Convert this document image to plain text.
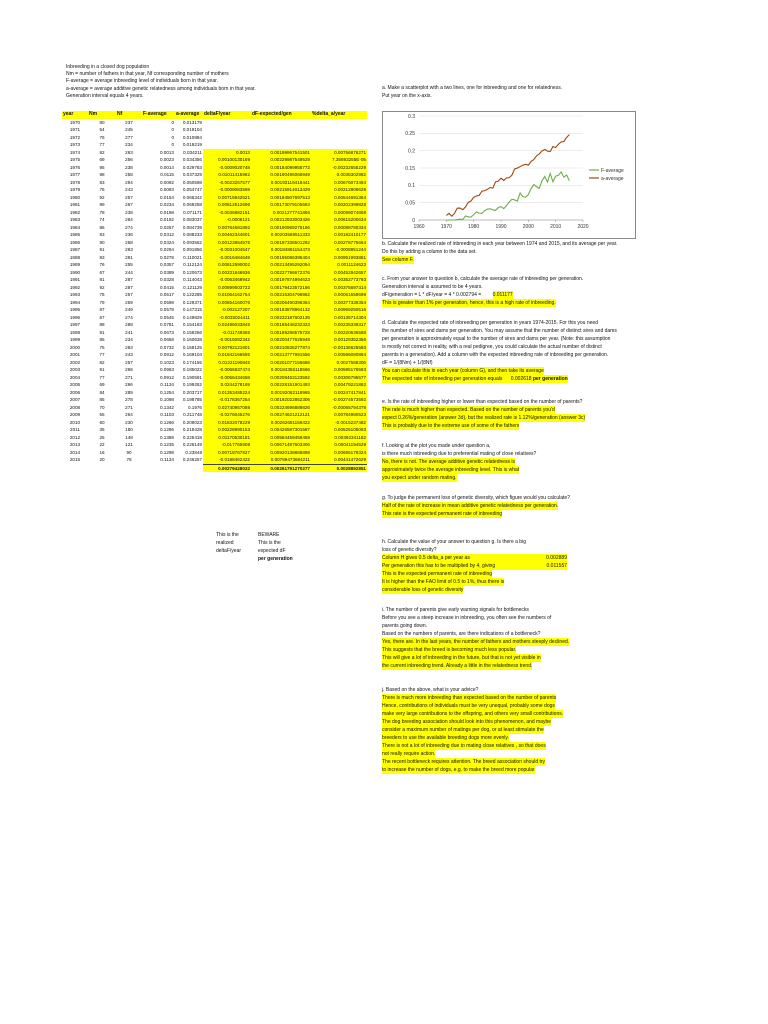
Inbreeding in a closed dog population
Nm = number of fathers in that year, Nf corresponding number of mothers
F-average = average inbreeding level of individuals born in that year.
a-average = average additive genetic relatedness among individuals born in that year.
Generation interval equals 4 years.
year	Nm	Nf	F-average	a-average	deltaF/year	dF-expected/gen	%delta_a/year
1970	80	237	0	0.013179			
1971	54	245	0	0.019104			
1972	76	277	0	0.010884			
1973	77	234	0	0.019219			
1974	82	263	0.0013	0.034211	0.0013	0.00199967541501	0.00756876271
1975	69	256	0.0023	0.034356	0.00100130169	0.00229987549529	7.35693255E-05
1976	95	238	0.0014	0.029783	-0.0009020748	0.00184099955772	-0.00232655229
1977	88	258	0.0115	0.037329	0.01011415982	0.00190495066949	0.0038302982
1978	83	294	0.0092	0.050598	-0.0023267577	0.00193119416441	0.00676073494
1979	76	243	0.0083	0.054747	-0.0009083569	0.00215914013429	0.00212809628
1980	92	257	0.0154	0.065342	0.00715942521	0.00184507697513	0.00544691364
1981	99	267	0.0234	0.069258	0.00812512696	0.00173079105663	0.00202399828
1982	78	238	0.0198	0.071171	-0.0036882151	0.0021277741866	0.00099074868
1983	74	284	0.0192	0.083037	-0.0006121	0.00212933003426	0.00615200634
1984	86	274	0.0267	0.084739	0.00764681892	0.00190969275166	0.00088780334
1985	83	236	0.0312	0.088233	0.00462344601	0.00203568511333	0.00182410177
1986	90	258	0.0324	0.093562	0.00123864575	0.00187338501292	0.00278775664
1987	91	263	0.0294	0.091856	-0.0031004547	0.00184891154473	-0.0008951244
1988	83	281	0.0278	0.110021	-0.0016484649	0.00195086395404	0.00951993861
1989	76	255	0.0357	0.112124	0.00812590002	0.00213495292054	0.0011124623
1990	67	244	0.0389	0.120673	0.00331846936	0.00237796672376	0.00452842657
1991	81	287	0.0328	0.114043	-0.0063468942	0.00197874994623	-0.00352773793
1992	92	287	0.0415	0.121129	0.00899503722	0.00179423572186	0.00375697314
1993	75	257	0.0517	0.122285	0.01064162754	0.00215304798962	0.00061559699
1994	79	259	0.0598	0.129371	0.00854160076	0.00206490396364	0.00377339354
1995	87	249	0.0578	0.147315	-0.002127207	0.00193878964132	0.00959250516
1996	67	274	0.0545	0.149829	-0.0035024411	0.00232187602135	0.00135714304
1997	88	288	0.0781	0.154183	0.02496033845	0.00185448232323	0.00235338317
1998	91	241	0.0673	0.158256	-0.011749365	0.00189298575728	0.00220636588
1999	85	234	0.0658	0.160638	-0.0016082342	0.00200477626948	0.00129352356
2000	75	283	0.0732	0.158125	0.00792121601	0.00210836277974	-0.00136625593
2001	77	243	0.0912	0.169104	0.01942166595	0.00213777991556	0.00596080894
2002	82	257	0.1023	0.174155	0.01221190845	0.00201077156686	0.0027588306
2003	91	266	0.0963	0.185022	-0.0066837474	0.00184355118566	0.00595176593
2004	77	271	0.0912	0.190591	-0.0056434658	0.00208463123592	0.00306795577
2005	69	266	0.1134	0.199262	0.0244278169	0.00228151901493	0.00479221882
2006	84	289	0.1254	0.203717	0.01353485224	0.00192062118965	0.00247417841
2007	85	278	0.1098	0.198785	-0.0178367254	0.00192022852306	-0.00274573592
2008	70	271	0.1342	0.1976	0.02740957088	0.00224696889826	-0.00065794378
2009	55	264	0.1103	0.211748	-0.0276045276	0.00274621212121	0.00784980523
2010	60	230	0.1266	0.209023	0.01832078229	0.00262681159422	-0.0015237482
2011	35	180	0.1286	0.218428	0.00228990153	0.00426587301587	0.00525105093
2012	25	148	0.1388	0.225418	0.01170530181	0.00584459459459	0.00392341182
2013	22	121	0.1235	0.226149	-0.017765908	0.00671487603306	0.00041194529
2014	16	90	0.1298	0.23848	0.00718767827	0.00920138888889	0.00695178324
2015	20	76	0.1134	0.246257	-0.0188462422	0.00789473684211	0.00441472629
					0.00279428032	0.00261791270277	0.0028892851
This is the
realized
deltaF/year
BEWARE
This is the
expected dF
per generation
a. Make a scatterplot with a two lines, one for inbreeding and one for relatedness.
Put year on the x-axis.
0
0.05
0.1
0.15
0.2
0.25
0.3
1960	1970	1980	1990	2000	2010	2020
F-average
a-average
b. Calculate the realized rate of inbreeding in each year between 1974 and 2015, and its average per year.
Do this by adding a column to the data set.
See column F.
c. From your answer to question b, calculate the average rate of inbreeding per generation.
Generation interval is assumed to be 4 years.
dF/generation = L * dF/year = 4 * 0.002794 = 0.011177
This is greater than 1% per generation, hence, this is a high rate of inbreeding.
d. Calculate the expected rate of inbreeding per generation in years 1974-2015. For this you need
the number of sires and dams per generation. You may assume that the number of distinct sires and dams
per generation is approximately equal to the number of sires and dams per year. (Note: this assumption
is mostly not correct in reality, with a real pedigree, you could calculate the actual number of distinct
parents in a generation). Add a column with the expected inbreeding rate of inbreeding per generation.
dF = 1/(8Nm) + 1/(8Nf)
You can calculate this in each year (column G), and then take its average
The expected rate of inbreeding per generation equals 0.002618 per generation
e. Is the rate of inbreeding higher or lower than expected based on the number of parents?
The rate is much higher than expected. Based on the number of parents you'd
expect 0.26%/generation (answer 3d), but the realized rate is 1.12%/generation (answer 3c)
This is probably due to the extreme use of some of the fathers
f. Looking at the plot you made under question a,
is there much inbreeding due to preferential mating of close relatives?
No, there is not. The average additive genetic relatedness is
approximately twice the average inbreeding level. This is what
you expect under random mating.
g. To judge the permanent loss of genetic diversity, which figure would you calculate?
Half of the rate of increase in mean additive genetic relatedness per generation.
This rate is the expected permanent rate of inbreeding
h. Calculate the value of your answer to question g. Is there a big
loss of genetic diversity?
Column H gives 0.5 delta_a per year as	0.002889
Per generation this has to be multiplied by 4, giving	0.011557
This is the expected permanent rate of inbreeding
It is higher than the FAO limit of 0.5 to 1%, thus there is
considerable loss of genetic diversity
i. The number of parents give early warning signals for bottlenecks
Before you see a steep increase in inbreeding, you often see the numbers of
parents going down.
Based on the numbers of parents, are there indications of a bottleneck?
Yes, there are. In the last years, the number of fathers and mothers steeply declined.
This suggests that the breed is becoming much less popular.
This will give a lot of inbreeding in the future, but that is not yet visible in
the current inbreeding trend. Already a little in the relatedness trend.
j. Based on the above, what is your advice?
There is much more inbreeding than expected based on the number of parents
Hence, contributions of individuals must be very unequal, probably some dogs
make very large contributions to the offspring, and others very small contributions.
The dog breeding association should look into this phenomenon, and maybe
consider a maximum number of matings per dog, or at least stimulate the
breeders to use the available breeding dogs more evenly.
There is not a lot of inbreeding due to mating close relatives , so that does
not really require action.
The recent bottleneck requires attention. The breed association should try
to increase the number of dogs, e.g. to make the breed more popular
